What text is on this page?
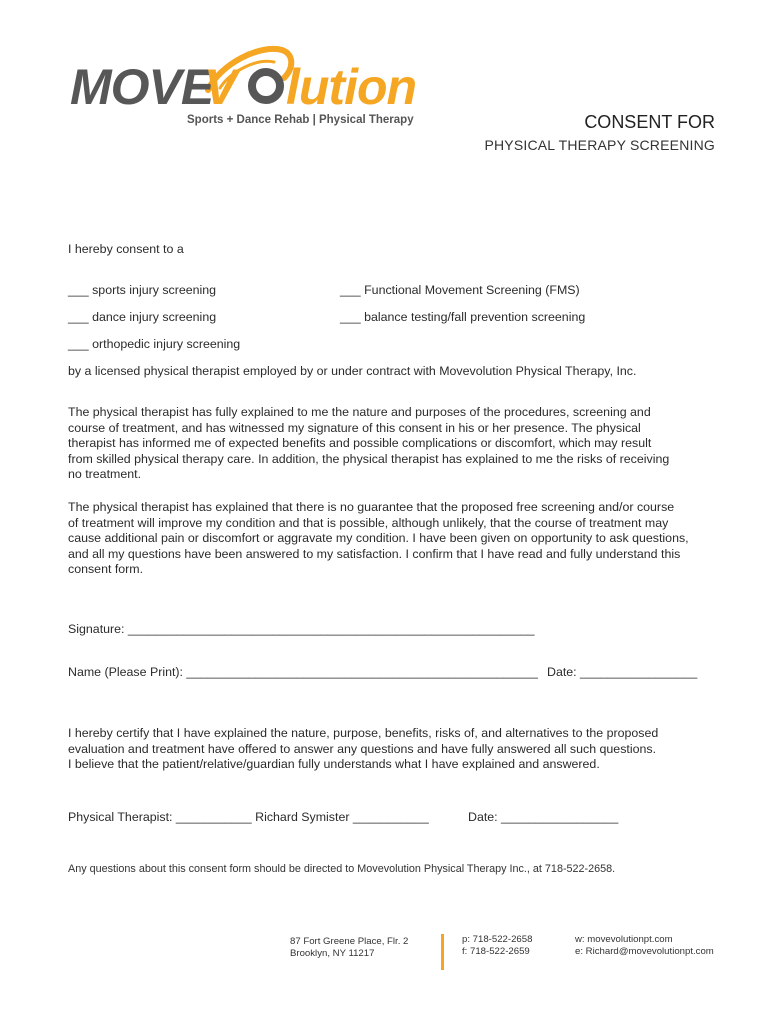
MOVE
V lution
Sports + Dance Rehab | Physical Therapy	CONSENT FOR
PHYSICAL THERAPY SCREENING
I hereby consent to a
___ sports injury screening	___ Functional Movement Screening (FMS)
___ dance injury screening	___ balance testing/fall prevention screening
___ orthopedic injury screening
by a licensed physical therapist employed by or under contract with Movevolution Physical Therapy, Inc.
The physical therapist has fully explained to me the nature and purposes of the procedures, screening and
course of treatment, and has witnessed my signature of this consent in his or her presence. The physical
therapist has informed me of expected benefits and possible complications or discomfort, which may result
from skilled physical therapy care. In addition, the physical therapist has explained to me the risks of receiving
no treatment.
The physical therapist has explained that there is no guarantee that the proposed free screening and/or course
of treatment will improve my condition and that is possible, although unlikely, that the course of treatment may
cause additional pain or discomfort or aggravate my condition. I have been given on opportunity to ask questions,
and all my questions have been answered to my satisfaction. I confirm that I have read and fully understand this
consent form.
Signature: ___________________________________________________________
Name (Please Print): ___________________________________________________ Date: _________________
I hereby certify that I have explained the nature, purpose, benefits, risks of, and alternatives to the proposed
evaluation and treatment have offered to answer any questions and have fully answered all such questions.
I believe that the patient/relative/guardian fully understands what I have explained and answered.
Physical Therapist: ___________ Richard Symister ___________	Date: _________________
Any questions about this consent form should be directed to Movevolution Physical Therapy Inc., at 718-522-2658.
87 Fort Greene Place, Flr. 2
Brooklyn, NY 11217
p: 718-522-2658
f: 718-522-2659
w: movevolutionpt.com
e: Richard@movevolutionpt.com
